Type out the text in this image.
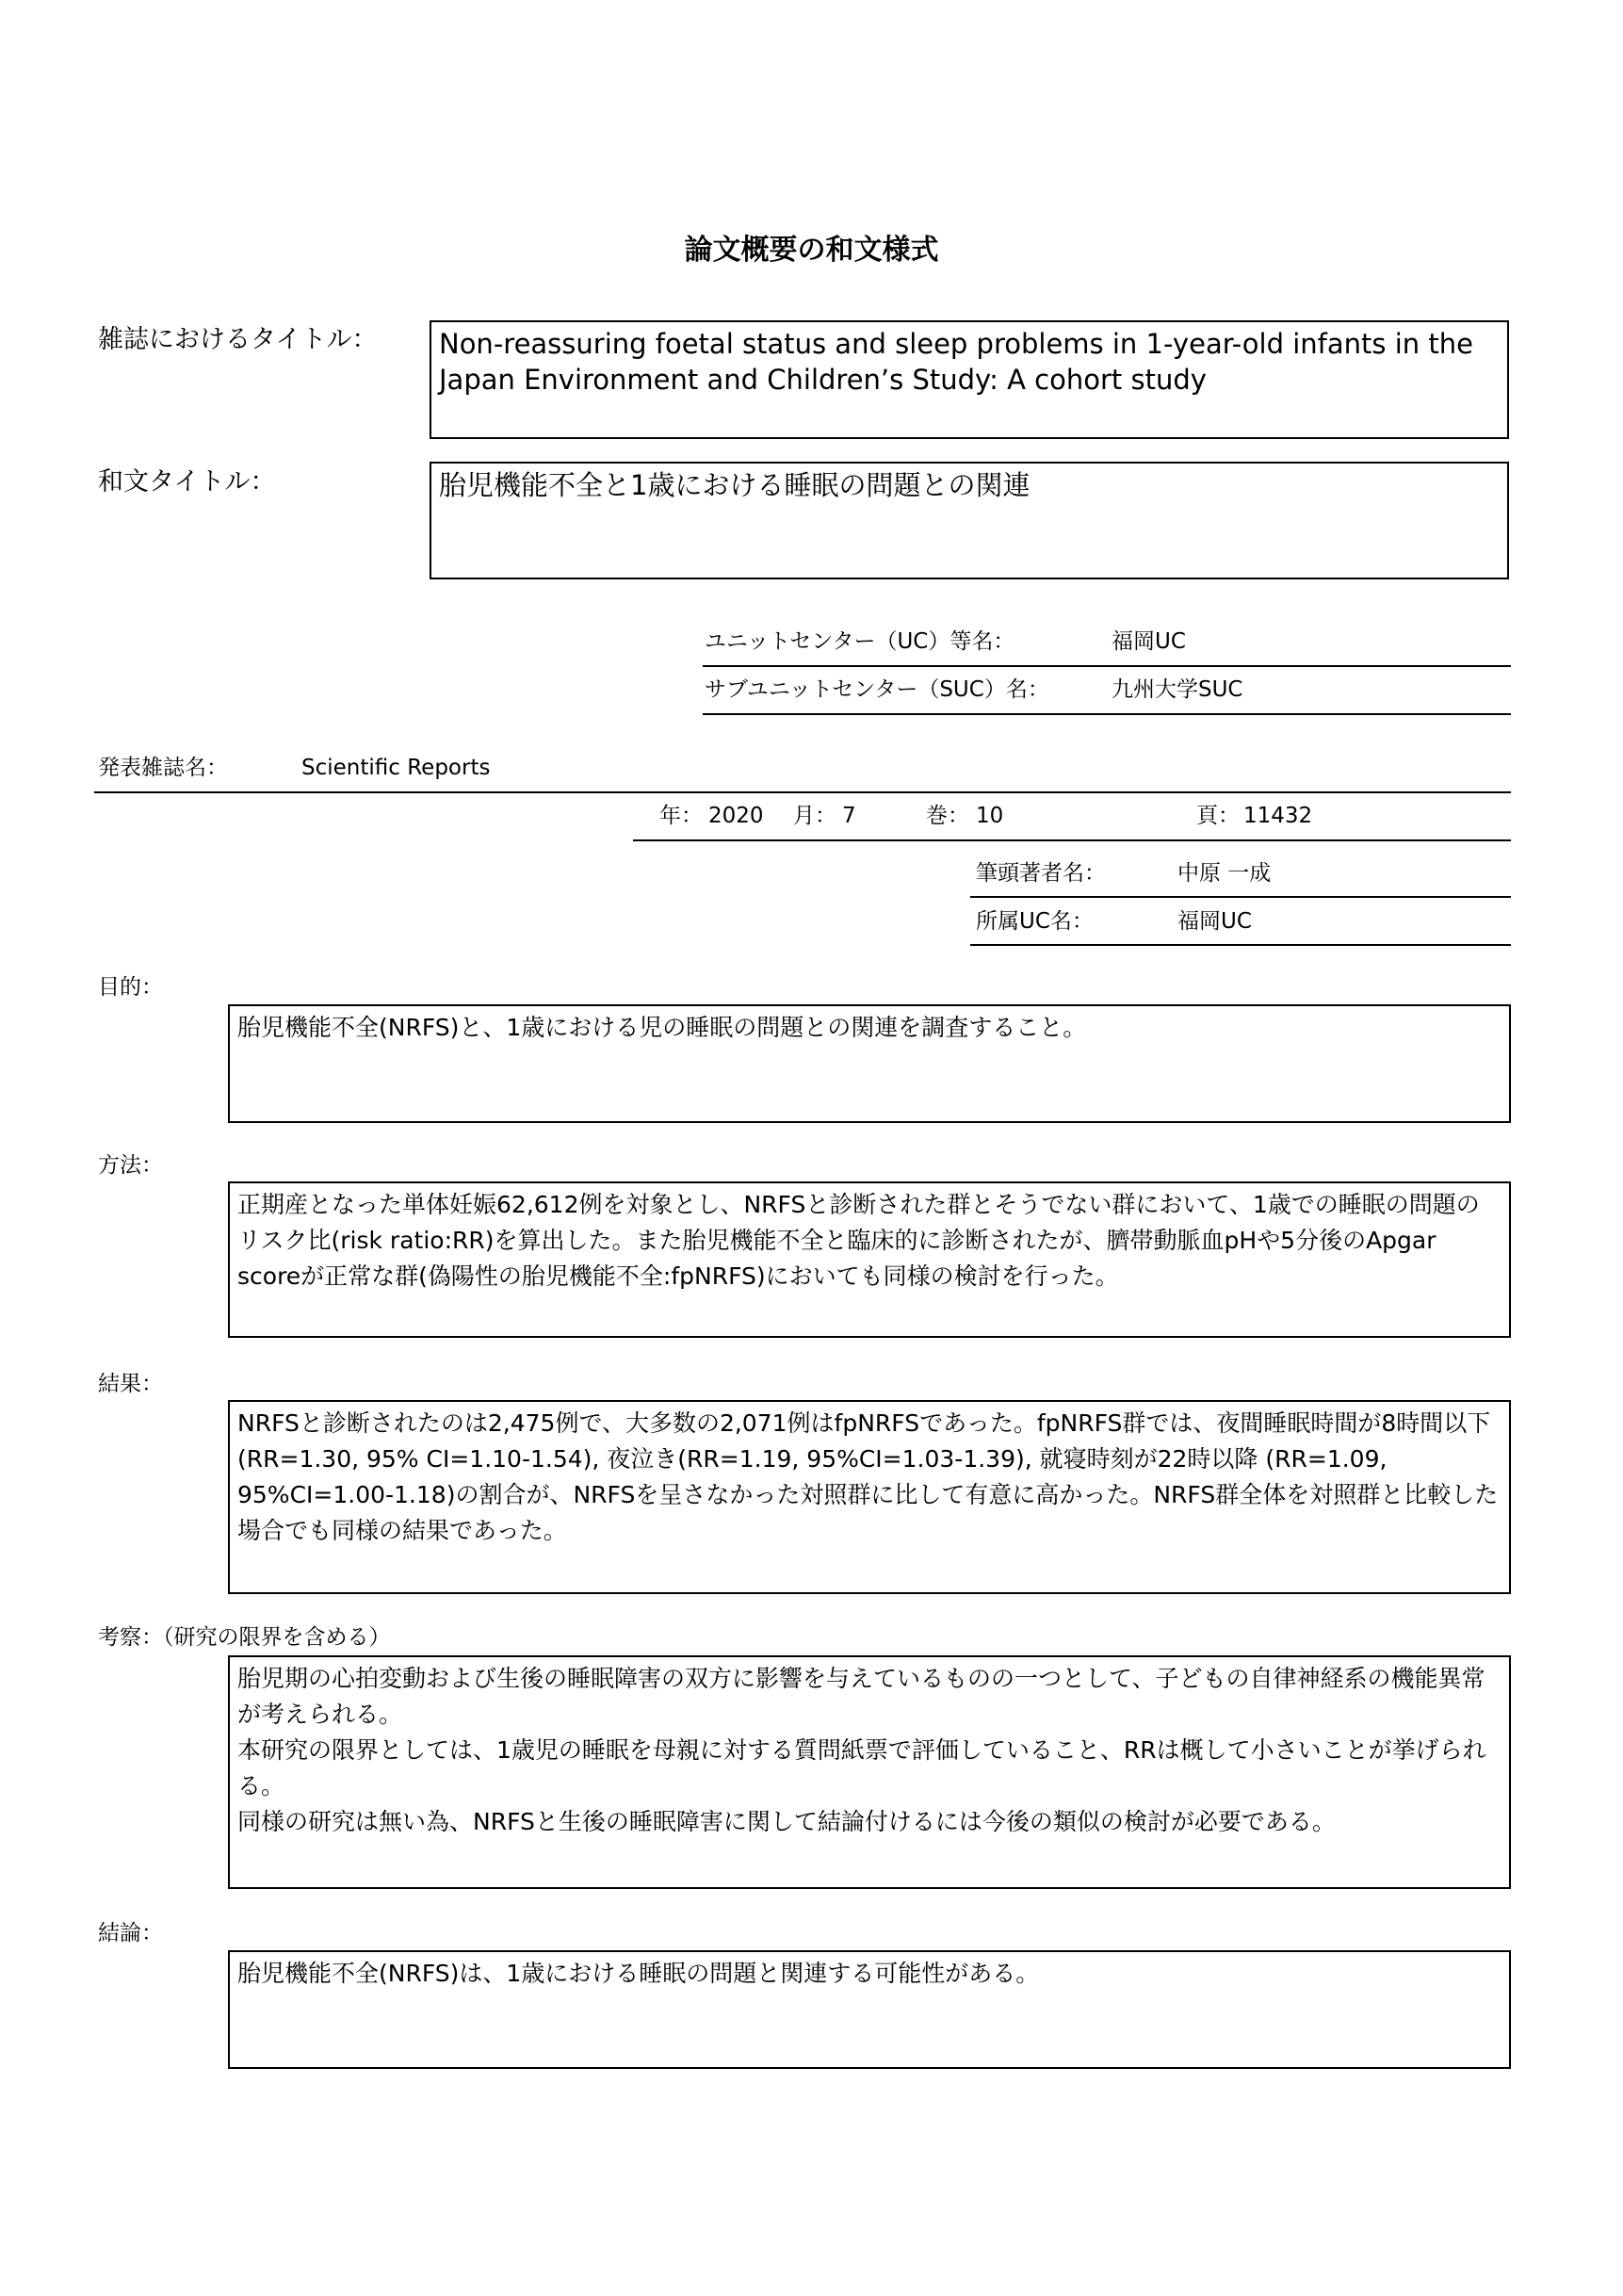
論文概要の和文様式
雑誌におけるタイトル：	Non-reassuring foetal status and sleep problems in 1-year-old infants in the Japan Environment and Children’s Study: A cohort study
和文タイトル：	胎児機能不全と1歳における睡眠の問題との関連
ユニットセンター（UC）等名：	福岡UC
サブユニットセンター（SUC）名：	九州大学SUC
発表雑誌名：	Scientific Reports
年： 2020 月： 7	巻： 10	頁： 11432
筆頭著者名：	中原 一成
所属UC名：	福岡UC
目的：
胎児機能不全(NRFS)と、1歳における児の睡眠の問題との関連を調査すること。
方法：
正期産となった単体妊娠62,612例を対象とし、NRFSと診断された群とそうでない群において、1歳での睡眠の問題のリスク比(risk ratio:RR)を算出した。また胎児機能不全と臨床的に診断されたが、臍帯動脈血pHや5分後のApgar scoreが正常な群(偽陽性の胎児機能不全:fpNRFS)においても同様の検討を行った。
結果：
NRFSと診断されたのは2,475例で、大多数の2,071例はfpNRFSであった。fpNRFS群では、夜間睡眠時間が8時間以下(RR=1.30, 95% CI=1.10-1.54), 夜泣き(RR=1.19, 95%CI=1.03-1.39), 就寝時刻が22時以降 (RR=1.09, 95%CI=1.00-1.18)の割合が、NRFSを呈さなかった対照群に比して有意に高かった。NRFS群全体を対照群と比較した場合でも同様の結果であった。
考察：（研究の限界を含める）

胎児期の心拍変動および生後の睡眠障害の双方に影響を与えているものの一つとして、子どもの自律神経系の機能異常が考えられる。

本研究の限界としては、1歳児の睡眠を母親に対する質問紙票で評価していること、RRは概して小さいことが挙げられる。

同様の研究は無い為、NRFSと生後の睡眠障害に関して結論付けるには今後の類似の検討が必要である。

結論：
胎児機能不全(NRFS)は、1歳における睡眠の問題と関連する可能性がある。
